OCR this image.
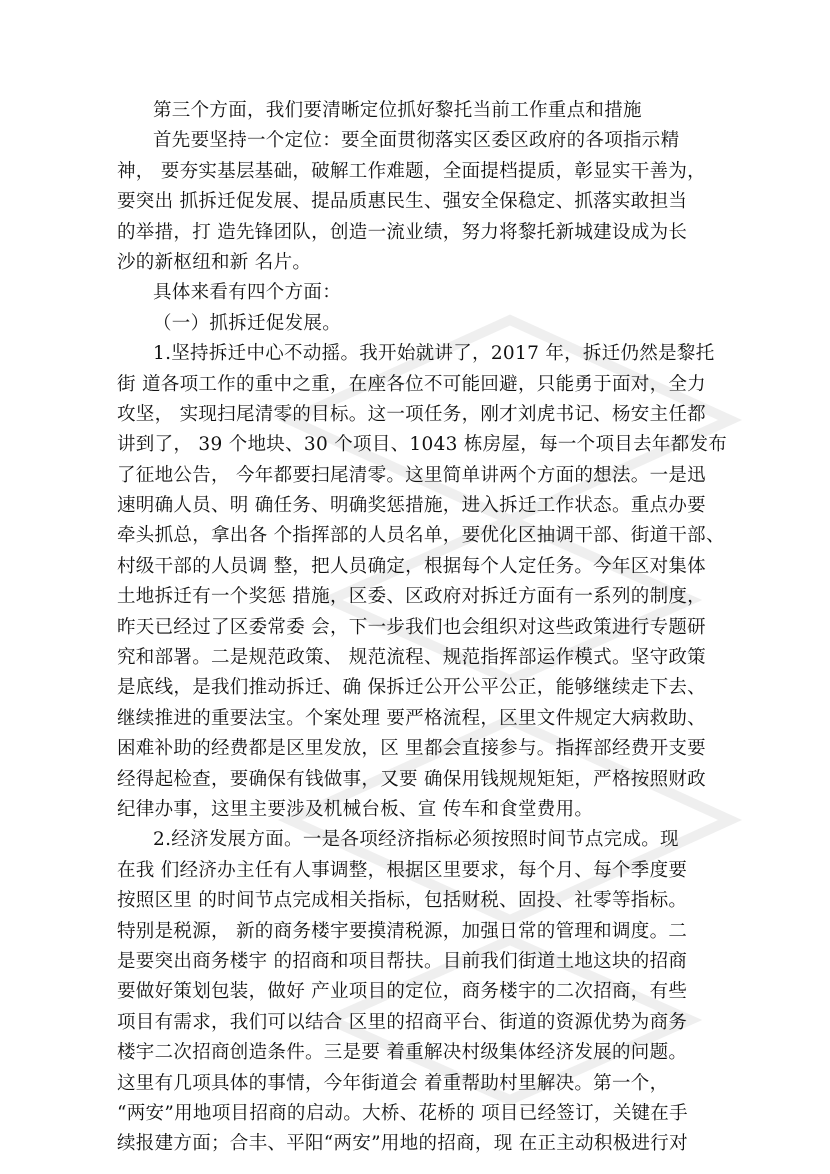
第三个方面，我们要清晰定位抓好黎托当前工作重点和措施
首先要坚持一个定位：要全面贯彻落实区委区政府的各项指示精
神， 要夯实基层基础，破解工作难题，全面提档提质，彰显实干善为，
要突出 抓拆迁促发展、提品质惠民生、强安全保稳定、抓落实敢担当
的举措，打 造先锋团队，创造一流业绩，努力将黎托新城建设成为长
沙的新枢纽和新 名片。
具体来看有四个方面：
（一）抓拆迁促发展。
1.坚持拆迁中心不动摇。我开始就讲了，2017 年，拆迁仍然是黎托
街 道各项工作的重中之重，在座各位不可能回避，只能勇于面对，全力
攻坚， 实现扫尾清零的目标。这一项任务，刚才刘虎书记、杨安主任都
讲到了， 39 个地块、30 个项目、1043 栋房屋，每一个项目去年都发布
了征地公告， 今年都要扫尾清零。这里简单讲两个方面的想法。一是迅
速明确人员、明 确任务、明确奖惩措施，进入拆迁工作状态。重点办要
牵头抓总，拿出各 个指挥部的人员名单，要优化区抽调干部、街道干部、
村级干部的人员调 整，把人员确定，根据每个人定任务。今年区对集体
土地拆迁有一个奖惩 措施，区委、区政府对拆迁方面有一系列的制度，
昨天已经过了区委常委 会，下一步我们也会组织对这些政策进行专题研
究和部署。二是规范政策、 规范流程、规范指挥部运作模式。坚守政策
是底线，是我们推动拆迁、确 保拆迁公开公平公正，能够继续走下去、
继续推进的重要法宝。个案处理 要严格流程，区里文件规定大病救助、
困难补助的经费都是区里发放，区 里都会直接参与。指挥部经费开支要
经得起检查，要确保有钱做事，又要 确保用钱规规矩矩，严格按照财政
纪律办事，这里主要涉及机械台板、宣 传车和食堂费用。
2.经济发展方面。一是各项经济指标必须按照时间节点完成。现
在我 们经济办主任有人事调整，根据区里要求，每个月、每个季度要
按照区里 的时间节点完成相关指标，包括财税、固投、社零等指标。
特别是税源， 新的商务楼宇要摸清税源，加强日常的管理和调度。二
是要突出商务楼宇 的招商和项目帮扶。目前我们街道土地这块的招商
要做好策划包装，做好 产业项目的定位，商务楼宇的二次招商，有些
项目有需求，我们可以结合 区里的招商平台、街道的资源优势为商务
楼宇二次招商创造条件。三是要 着重解决村级集体经济发展的问题。
这里有几项具体的事情，今年街道会 着重帮助村里解决。第一个，
“两安”用地项目招商的启动。大桥、花桥的 项目已经签订，关键在手
续报建方面；合丰、平阳“两安”用地的招商，现 在正主动积极进行对
